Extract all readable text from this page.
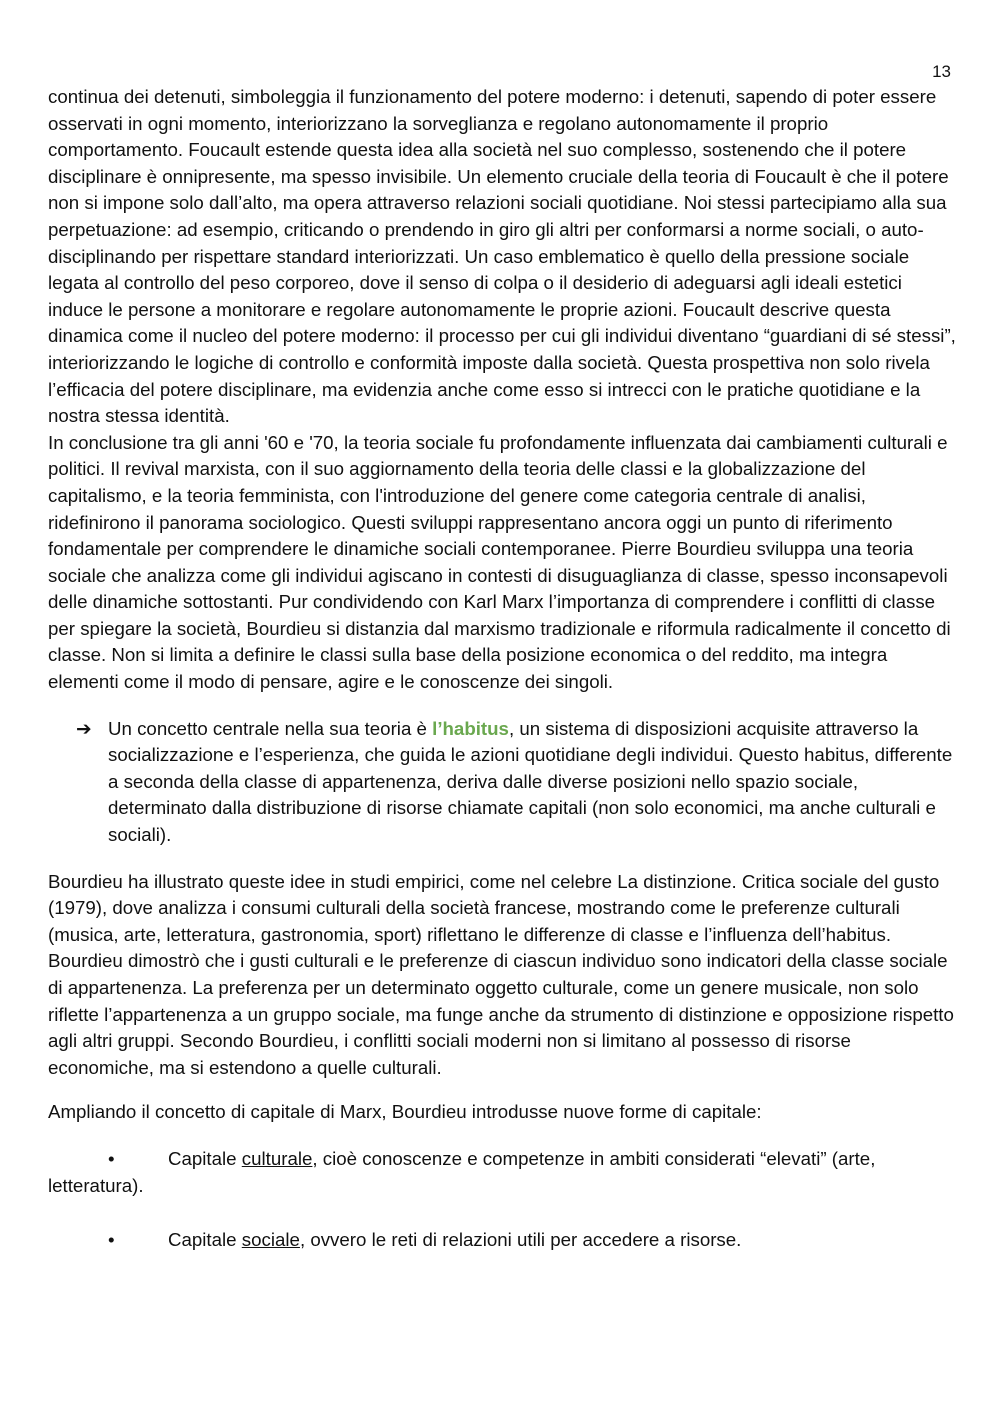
13

continua dei detenuti, simboleggia il funzionamento del potere moderno: i detenuti, sapendo di poter essere osservati in ogni momento, interiorizzano la sorveglianza e regolano autonomamente il proprio comportamento. Foucault estende questa idea alla società nel suo complesso, sostenendo che il potere disciplinare è onnipresente, ma spesso invisibile. Un elemento cruciale della teoria di Foucault è che il potere non si impone solo dall’alto, ma opera attraverso relazioni sociali quotidiane. Noi stessi partecipiamo alla sua perpetuazione: ad esempio, criticando o prendendo in giro gli altri per conformarsi a norme sociali, o auto-disciplinando per rispettare standard interiorizzati. Un caso emblematico è quello della pressione sociale legata al controllo del peso corporeo, dove il senso di colpa o il desiderio di adeguarsi agli ideali estetici induce le persone a monitorare e regolare autonomamente le proprie azioni. Foucault descrive questa dinamica come il nucleo del potere moderno: il processo per cui gli individui diventano “guardiani di sé stessi”, interiorizzando le logiche di controllo e conformità imposte dalla società. Questa prospettiva non solo rivela l’efficacia del potere disciplinare, ma evidenzia anche come esso si intrecci con le pratiche quotidiane e la nostra stessa identità.

In conclusione tra gli anni '60 e '70, la teoria sociale fu profondamente influenzata dai cambiamenti culturali e politici. Il revival marxista, con il suo aggiornamento della teoria delle classi e la globalizzazione del capitalismo, e la teoria femminista, con l'introduzione del genere come categoria centrale di analisi, ridefinirono il panorama sociologico. Questi sviluppi rappresentano ancora oggi un punto di riferimento fondamentale per comprendere le dinamiche sociali contemporanee. Pierre Bourdieu sviluppa una teoria sociale che analizza come gli individui agiscano in contesti di disuguaglianza di classe, spesso inconsapevoli delle dinamiche sottostanti. Pur condividendo con Karl Marx l’importanza di comprendere i conflitti di classe per spiegare la società, Bourdieu si distanzia dal marxismo tradizionale e riformula radicalmente il concetto di classe. Non si limita a definire le classi sulla base della posizione economica o del reddito, ma integra elementi come il modo di pensare, agire e le conoscenze dei singoli.

➔ Un concetto centrale nella sua teoria è l’habitus, un sistema di disposizioni acquisite attraverso la socializzazione e l’esperienza, che guida le azioni quotidiane degli individui. Questo habitus, differente a seconda della classe di appartenenza, deriva dalle diverse posizioni nello spazio sociale, determinato dalla distribuzione di risorse chiamate capitali (non solo economici, ma anche culturali e sociali).

Bourdieu ha illustrato queste idee in studi empirici, come nel celebre La distinzione. Critica sociale del gusto (1979), dove analizza i consumi culturali della società francese, mostrando come le preferenze culturali (musica, arte, letteratura, gastronomia, sport) riflettano le differenze di classe e l’influenza dell’habitus. Bourdieu dimostrò che i gusti culturali e le preferenze di ciascun individuo sono indicatori della classe sociale di appartenenza. La preferenza per un determinato oggetto culturale, come un genere musicale, non solo riflette l’appartenenza a un gruppo sociale, ma funge anche da strumento di distinzione e opposizione rispetto agli altri gruppi. Secondo Bourdieu, i conflitti sociali moderni non si limitano al possesso di risorse economiche, ma si estendono a quelle culturali.

Ampliando il concetto di capitale di Marx, Bourdieu introdusse nuove forme di capitale:

•	Capitale culturale, cioè conoscenze e competenze in ambiti considerati “elevati” (arte, letteratura).

•	Capitale sociale, ovvero le reti di relazioni utili per accedere a risorse.
